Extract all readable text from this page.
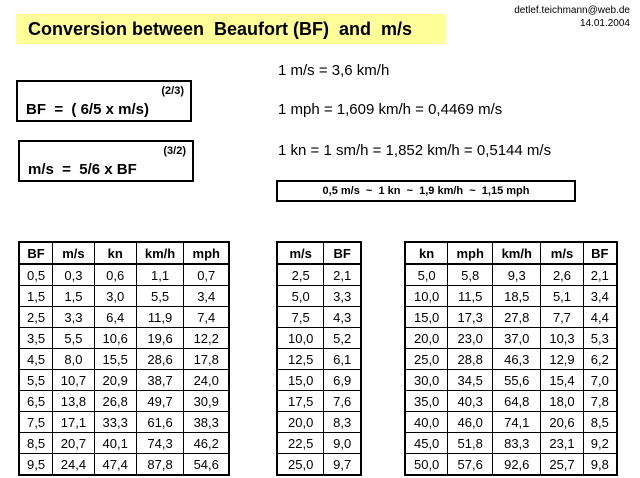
Conversion between  Beaufort (BF)  and  m/s
detlef.teichmann@web.de
14.01.2004
(2/3)
BF  =  ( 6/5 x m/s)
(3/2)
m/s  =  5/6 x BF
1 m/s = 3,6 km/h
1 mph = 1,609 km/h = 0,4469 m/s
1 kn = 1 sm/h = 1,852 km/h = 0,5144 m/s
0,5 m/s  ~  1 kn  ~  1,9 km/h  ~  1,15 mph
BF	m/s	kn	km/h	mph
0,5	0,3	0,6	1,1	0,7
1,5	1,5	3,0	5,5	3,4
2,5	3,3	6,4	11,9	7,4
3,5	5,5	10,6	19,6	12,2
4,5	8,0	15,5	28,6	17,8
5,5	10,7	20,9	38,7	24,0
6,5	13,8	26,8	49,7	30,9
7,5	17,1	33,3	61,6	38,3
8,5	20,7	40,1	74,3	46,2
9,5	24,4	47,4	87,8	54,6
m/s	BF
2,5	2,1
5,0	3,3
7,5	4,3
10,0	5,2
12,5	6,1
15,0	6,9
17,5	7,6
20,0	8,3
22,5	9,0
25,0	9,7
kn	mph	km/h	m/s	BF
5,0	5,8	9,3	2,6	2,1
10,0	11,5	18,5	5,1	3,4
15,0	17,3	27,8	7,7	4,4
20,0	23,0	37,0	10,3	5,3
25,0	28,8	46,3	12,9	6,2
30,0	34,5	55,6	15,4	7,0
35,0	40,3	64,8	18,0	7,8
40,0	46,0	74,1	20,6	8,5
45,0	51,8	83,3	23,1	9,2
50,0	57,6	92,6	25,7	9,8
